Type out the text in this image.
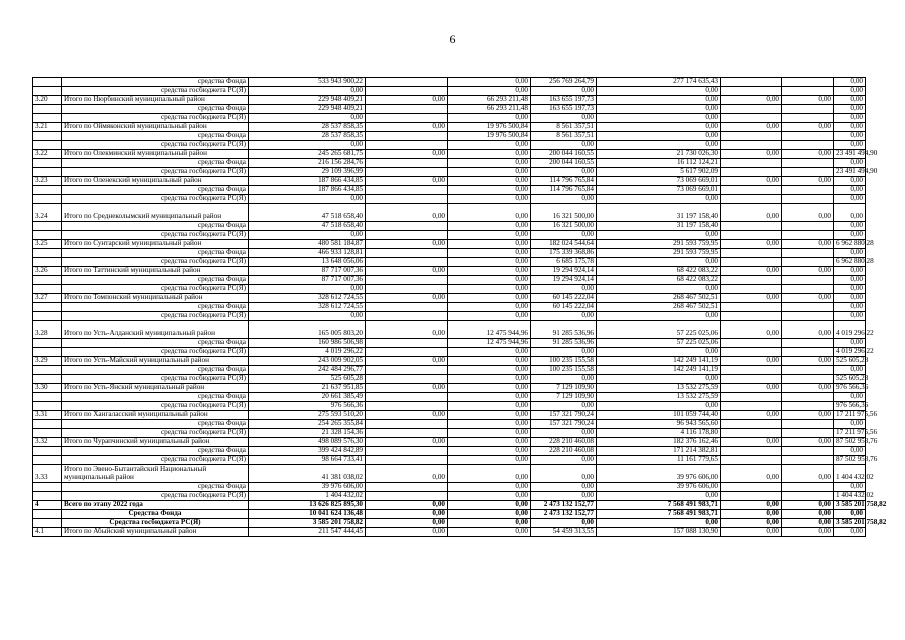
6
	средства Фонда	533 943 900,22		0,00	256 769 264,79	277 174 635,43			0,00
	средства госбюджета РС(Я)	0,00		0,00	0,00	0,00			0,00
3.20	Итого по Нюрбинский муниципальный район	229 948 409,21	0,00	66 293 211,48	163 655 197,73	0,00	0,00	0,00	0,00
	средства Фонда	229 948 409,21		66 293 211,48	163 655 197,73	0,00			0,00
	средства госбюджета РС(Я)	0,00		0,00	0,00	0,00			0,00
3.21	Итого по Оймяконский муниципальный район	28 537 858,35	0,00	19 976 500,84	8 561 357,51	0,00	0,00	0,00	0,00
	средства Фонда	28 537 858,35		19 976 500,84	8 561 357,51	0,00			0,00
	средства госбюджета РС(Я)	0,00		0,00	0,00	0,00			0,00
3.22	Итого по Олекминский муниципальный район	245 265 681,75	0,00	0,00	200 044 160,55	21 730 026,30	0,00	0,00	23 491 494,90
	средства Фонда	216 156 284,76		0,00	200 044 160,55	16 112 124,21			0,00
	средства госбюджета РС(Я)	29 109 396,99		0,00	0,00	5 617 902,09			23 491 494,90
3.23	Итого по Оленекский муниципальный район	187 866 434,85	0,00	0,00	114 796 765,84	73 069 669,01	0,00	0,00	0,00
	средства Фонда	187 866 434,85		0,00	114 796 765,84	73 069 669,01			0,00
	средства госбюджета РС(Я)	0,00		0,00	0,00	0,00			0,00
3.24	Итого по Среднеколымский муниципальный район	47 518 658,40	0,00	0,00	16 321 500,00	31 197 158,40	0,00	0,00	0,00
	средства Фонда	47 518 658,40		0,00	16 321 500,00	31 197 158,40			0,00
	средства госбюджета РС(Я)	0,00		0,00	0,00	0,00			0,00
3.25	Итого по Сунтарский муниципальный район	480 581 184,87	0,00	0,00	182 024 544,64	291 593 759,95	0,00	0,00	6 962 880,28
	средства Фонда	466 933 128,81		0,00	175 339 368,86	291 593 759,95			0,00
	средства госбюджета РС(Я)	13 648 056,06		0,00	6 685 175,78	0,00			6 962 880,28
3.26	Итого по Таттинский муниципальный район	87 717 007,36	0,00	0,00	19 294 924,14	68 422 083,22	0,00	0,00	0,00
	средства Фонда	87 717 007,36		0,00	19 294 924,14	68 422 083,22			0,00
	средства госбюджета РС(Я)	0,00		0,00	0,00	0,00			0,00
3.27	Итого по Томпонский муниципальный район	328 612 724,55	0,00	0,00	60 145 222,04	268 467 502,51	0,00	0,00	0,00
	средства Фонда	328 612 724,55		0,00	60 145 222,04	268 467 502,51			0,00
	средства госбюджета РС(Я)	0,00		0,00	0,00	0,00			0,00
3.28	Итого по Усть-Алданский муниципальный район	165 005 803,20	0,00	12 475 944,96	91 285 536,96	57 225 025,06	0,00	0,00	4 019 296,22
	средства Фонда	160 986 506,98		12 475 944,96	91 285 536,96	57 225 025,06			0,00
	средства госбюджета РС(Я)	4 019 296,22		0,00	0,00	0,00			4 019 296,22
3.29	Итого по Усть-Майский муниципальный район	243 009 902,05	0,00	0,00	100 235 155,58	142 249 141,19	0,00	0,00	525 605,28
	средства Фонда	242 484 296,77		0,00	100 235 155,58	142 249 141,19			0,00
	средства госбюджета РС(Я)	525 605,28		0,00	0,00	0,00			525 605,28
3.30	Итого по Усть-Янский муниципальный район	21 637 951,85	0,00	0,00	7 129 109,90	13 532 275,59	0,00	0,00	976 566,36
	средства Фонда	20 661 385,49		0,00	7 129 109,90	13 532 275,59			0,00
	средства госбюджета РС(Я)	976 566,36		0,00	0,00	0,00			976 566,36
3.31	Итого по Хангаласский муниципальный район	275 593 510,20	0,00	0,00	157 321 790,24	101 059 744,40	0,00	0,00	17 211 975,56
	средства Фонда	254 265 355,84		0,00	157 321 790,24	96 943 565,60			0,00
	средства госбюджета РС(Я)	21 328 154,36		0,00	0,00	4 116 178,80			17 211 975,56
3.32	Итого по Чурапчинский муниципальный район	498 089 576,30	0,00	0,00	228 210 460,08	182 376 162,46	0,00	0,00	87 502 953,76
	средства Фонда	399 424 842,89		0,00	228 210 460,08	171 214 382,81			0,00
	средства госбюджета РС(Я)	98 664 733,41		0,00	0,00	11 161 779,65			87 502 953,76
3.33	Итого по Эвено-Бытантайский Национальный муниципальный район	41 381 038,02	0,00	0,00	0,00	39 976 606,00	0,00	0,00	1 404 432,02
	средства Фонда	39 976 606,00		0,00	0,00	39 976 606,00			0,00
	средства госбюджета РС(Я)	1 404 432,02		0,00	0,00	0,00			1 404 432,02
4	Всего по этапу 2022 года	13 626 825 895,30	0,00	0,00	2 473 132 152,77	7 568 491 983,71	0,00	0,00	3 585 201 758,82
	Средства Фонда	10 041 624 136,48	0,00	0,00	2 473 132 152,77	7 568 491 983,71	0,00	0,00	0,00
	Средства госбюджета РС(Я)	3 585 201 758,82	0,00	0,00	0,00	0,00	0,00	0,00	3 585 201 758,82
4.1	Итого по Абыйский муниципальный район	211 547 444,45	0,00	0,00	54 459 313,55	157 088 130,90	0,00	0,00	0,00
